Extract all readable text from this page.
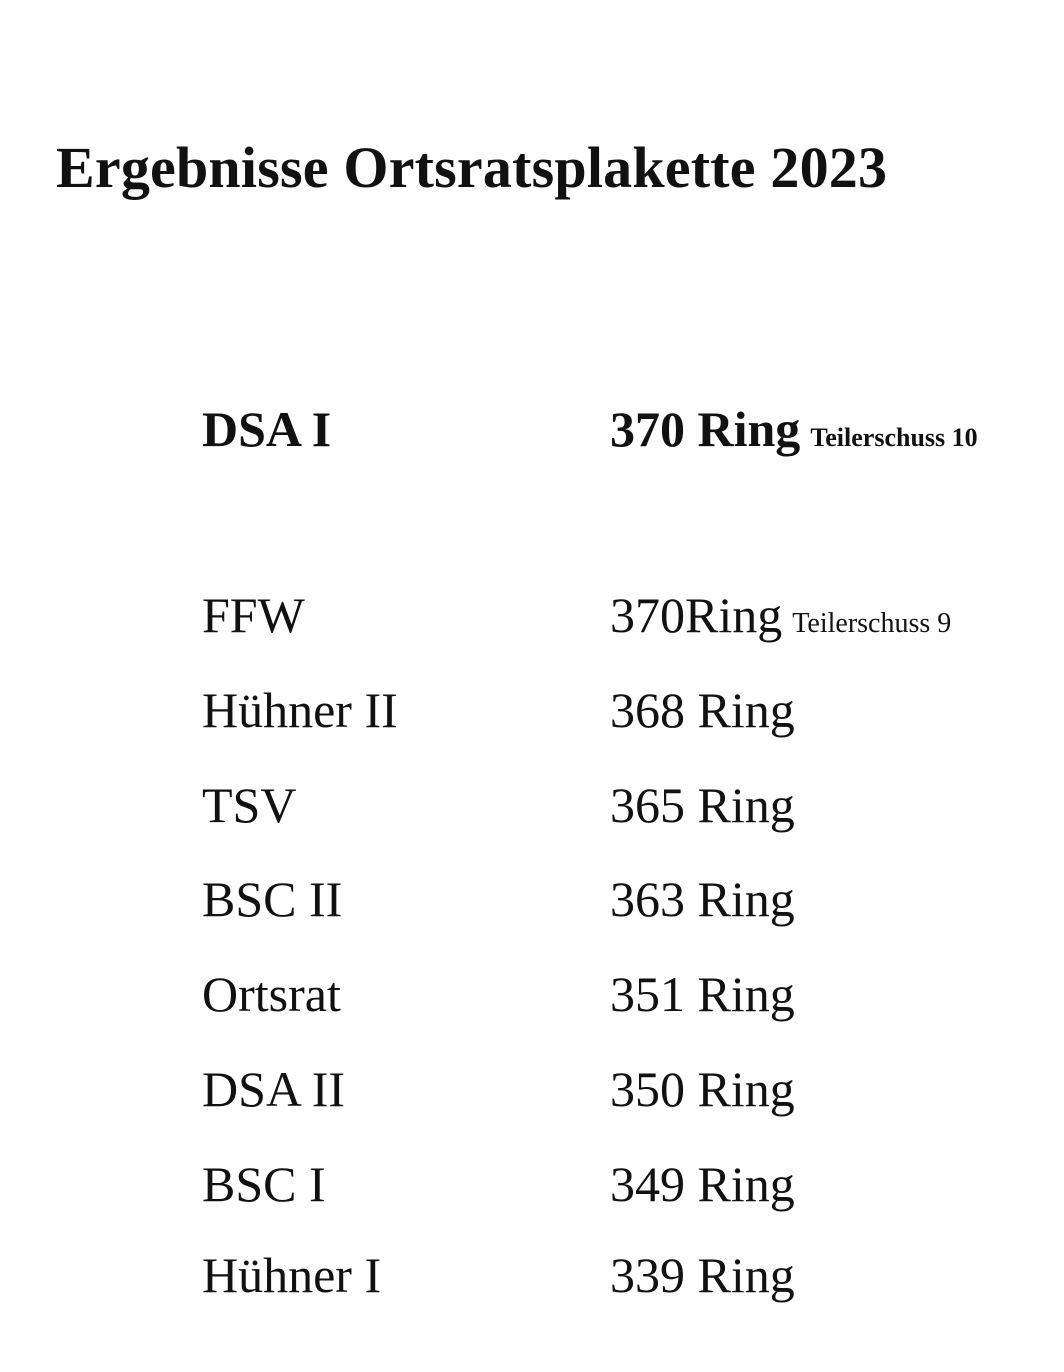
Ergebnisse Ortsratsplakette 2023
DSA I	370 Ring Teilerschuss 10
FFW	370Ring Teilerschuss 9
Hühner II	368 Ring
TSV	365 Ring
BSC II	363 Ring
Ortsrat	351 Ring
DSA II	350 Ring
BSC I	349 Ring
Hühner I	339 Ring
